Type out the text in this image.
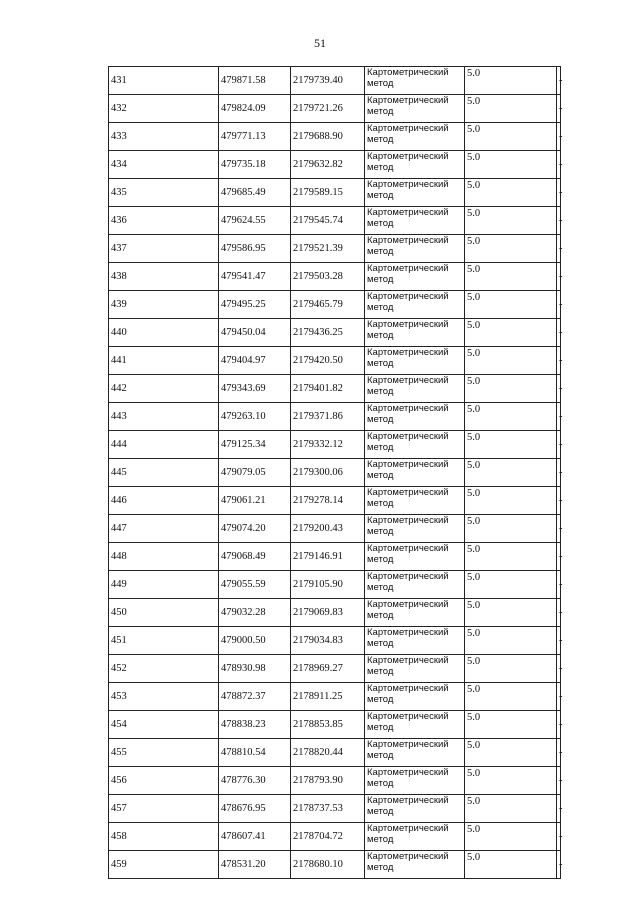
51
431	479871.58	2179739.40	Картометрический метод	5.0	-
432	479824.09	2179721.26	Картометрический метод	5.0	-
433	479771.13	2179688.90	Картометрический метод	5.0	-
434	479735.18	2179632.82	Картометрический метод	5.0	-
435	479685.49	2179589.15	Картометрический метод	5.0	-
436	479624.55	2179545.74	Картометрический метод	5.0	-
437	479586.95	2179521.39	Картометрический метод	5.0	-
438	479541.47	2179503.28	Картометрический метод	5.0	-
439	479495.25	2179465.79	Картометрический метод	5.0	-
440	479450.04	2179436.25	Картометрический метод	5.0	-
441	479404.97	2179420.50	Картометрический метод	5.0	-
442	479343.69	2179401.82	Картометрический метод	5.0	-
443	479263.10	2179371.86	Картометрический метод	5.0	-
444	479125.34	2179332.12	Картометрический метод	5.0	-
445	479079.05	2179300.06	Картометрический метод	5.0	-
446	479061.21	2179278.14	Картометрический метод	5.0	-
447	479074.20	2179200.43	Картометрический метод	5.0	-
448	479068.49	2179146.91	Картометрический метод	5.0	-
449	479055.59	2179105.90	Картометрический метод	5.0	-
450	479032.28	2179069.83	Картометрический метод	5.0	-
451	479000.50	2179034.83	Картометрический метод	5.0	-
452	478930.98	2178969.27	Картометрический метод	5.0	-
453	478872.37	2178911.25	Картометрический метод	5.0	-
454	478838.23	2178853.85	Картометрический метод	5.0	-
455	478810.54	2178820.44	Картометрический метод	5.0	-
456	478776.30	2178793.90	Картометрический метод	5.0	-
457	478676.95	2178737.53	Картометрический метод	5.0	-
458	478607.41	2178704.72	Картометрический метод	5.0	-
459	478531.20	2178680.10	Картометрический метод	5.0	-
